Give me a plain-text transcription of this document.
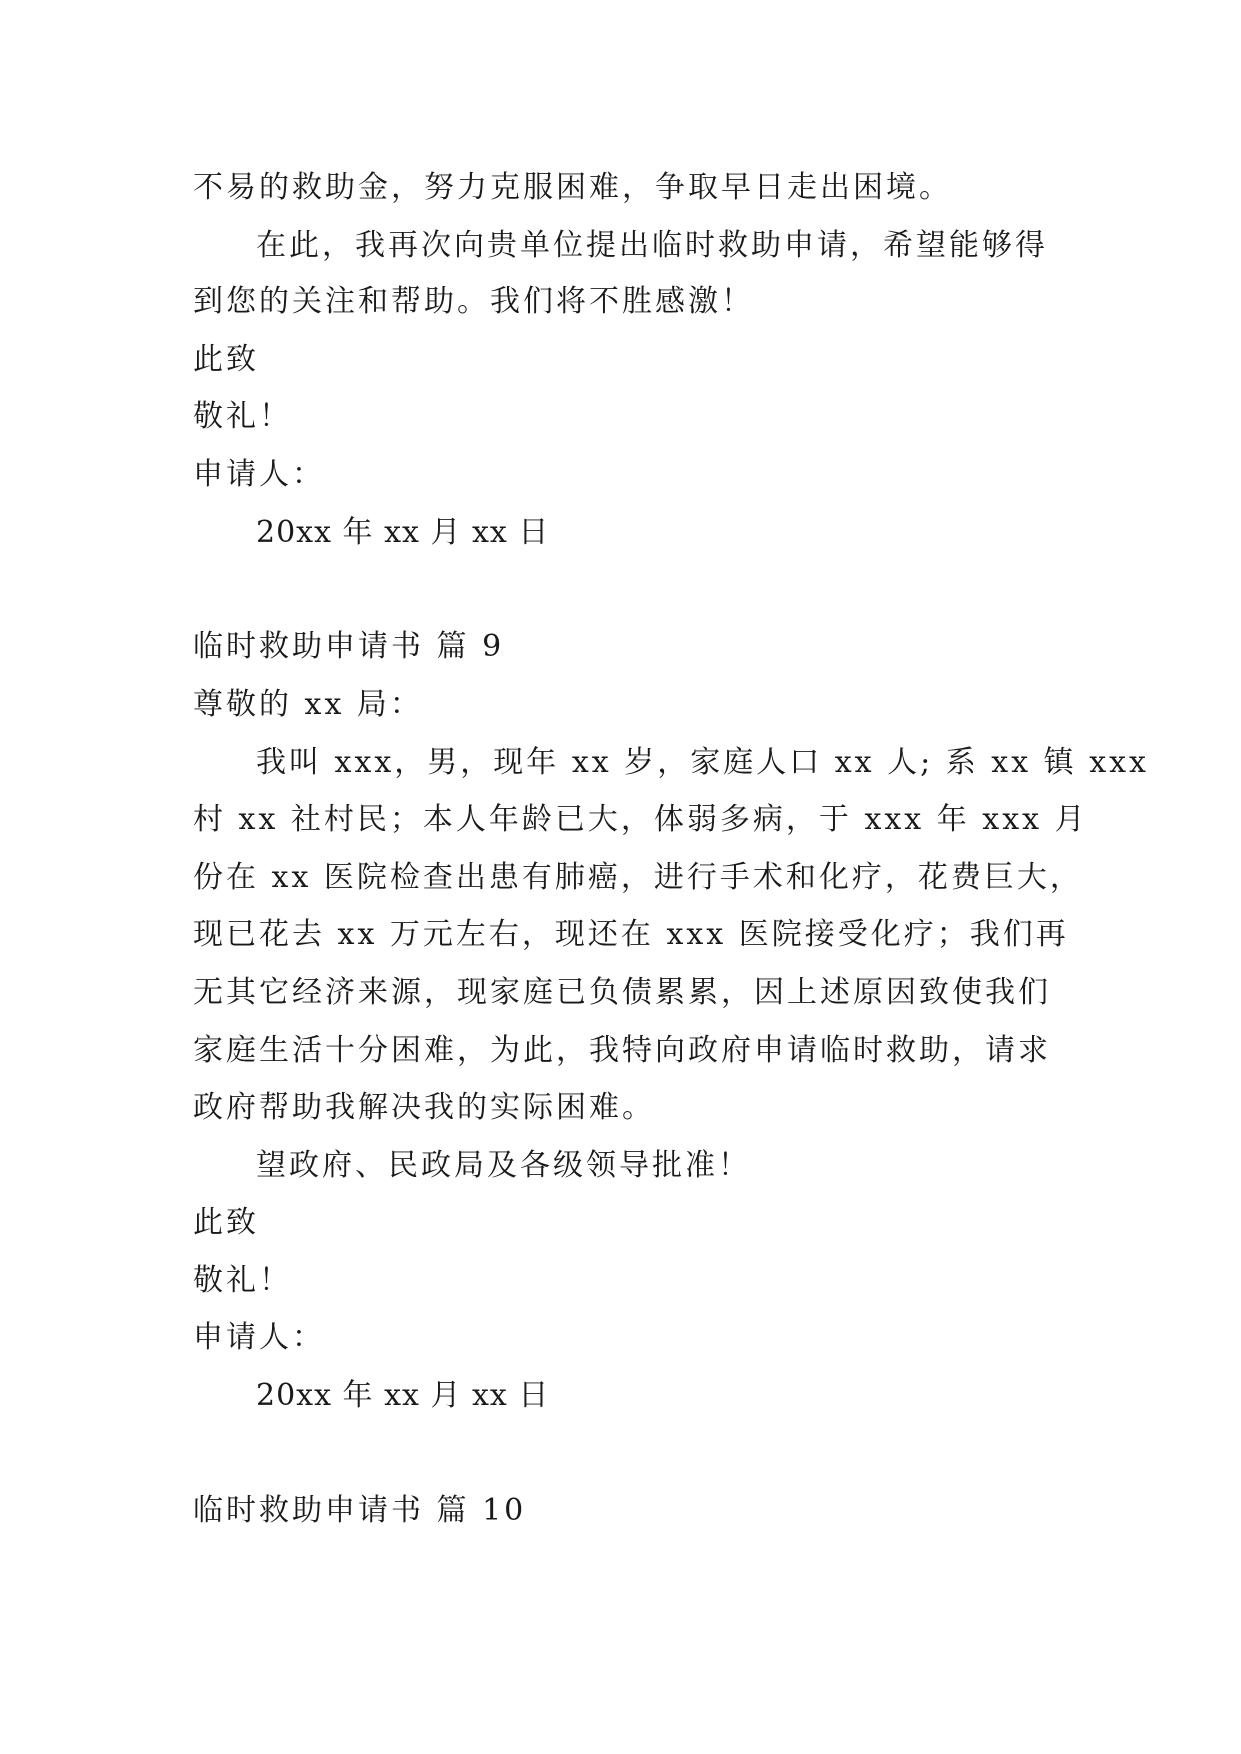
不易的救助金，努力克服困难，争取早日走出困境。
在此，我再次向贵单位提出临时救助申请，希望能够得
到您的关注和帮助。我们将不胜感激！
此致
敬礼！
申请人：
20xx 年 xx 月 xx 日
临时救助申请书 篇 9
尊敬的 xx 局：
我叫 xxx，男，现年 xx 岁，家庭人口 xx 人; 系 xx 镇 xxx
村 xx 社村民；本人年龄已大，体弱多病，于 xxx 年 xxx 月
份在 xx 医院检查出患有肺癌，进行手术和化疗，花费巨大，
现已花去 xx 万元左右，现还在 xxx 医院接受化疗；我们再
无其它经济来源，现家庭已负债累累，因上述原因致使我们
家庭生活十分困难，为此，我特向政府申请临时救助，请求
政府帮助我解决我的实际困难。
望政府、民政局及各级领导批准！
此致
敬礼！
申请人：
20xx 年 xx 月 xx 日
临时救助申请书 篇 10
